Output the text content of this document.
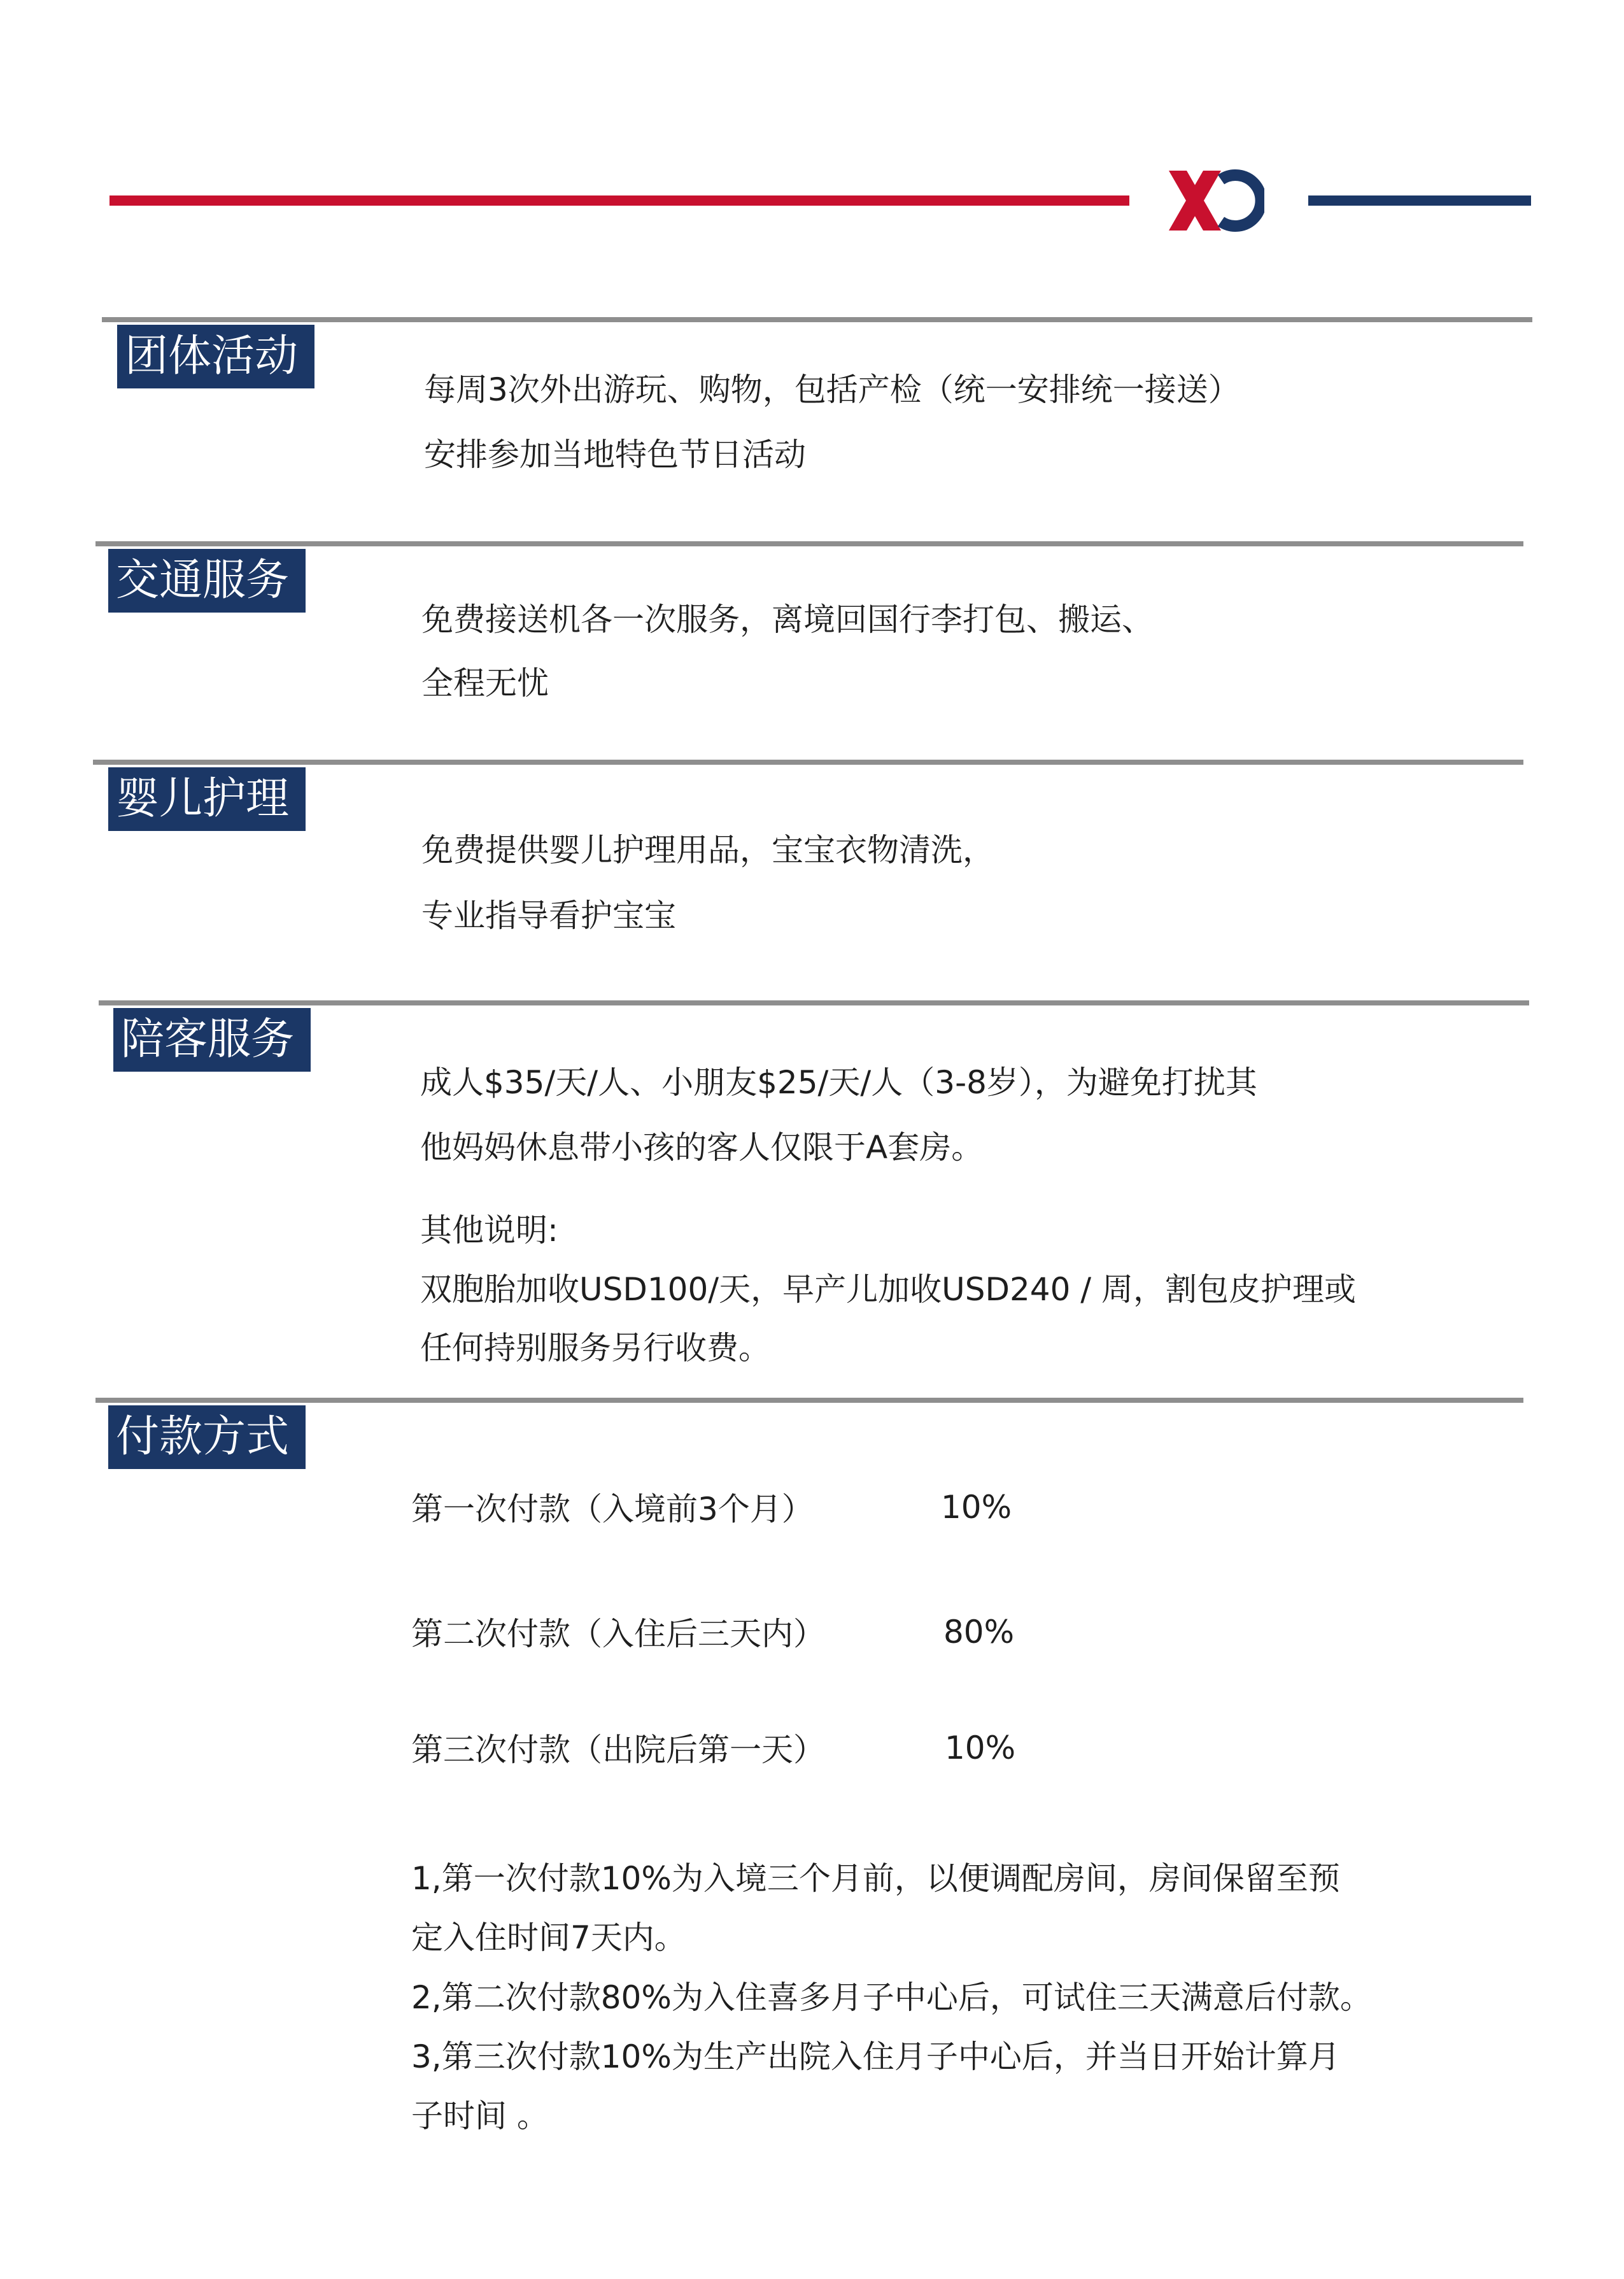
团体活动
每周3次外出游玩、购物，包括产检（统一安排统一接送）
安排参加当地特色节日活动
交通服务
免费接送机各一次服务，离境回国行李打包、搬运、
全程无忧
婴儿护理
免费提供婴儿护理用品，宝宝衣物清洗，
专业指导看护宝宝
陪客服务
成人$35/天/人、小朋友$25/天/人（3-8岁），为避免打扰其
他妈妈休息带小孩的客人仅限于A套房。
其他说明:
双胞胎加收USD100/天，早产儿加收USD240 / 周，割包皮护理或
任何持别服务另行收费。
付款方式
第一次付款（入境前3个月）	10%
第二次付款（入住后三天内）	80%
第三次付款（出院后第一天）	10%
1,第一次付款10%为入境三个月前，以便调配房间，房间保留至预
定入住时间7天内。
2,第二次付款80%为入住喜多月子中心后，可试住三天满意后付款。
3,第三次付款10%为生产出院入住月子中心后，并当日开始计算月
子时间 。
